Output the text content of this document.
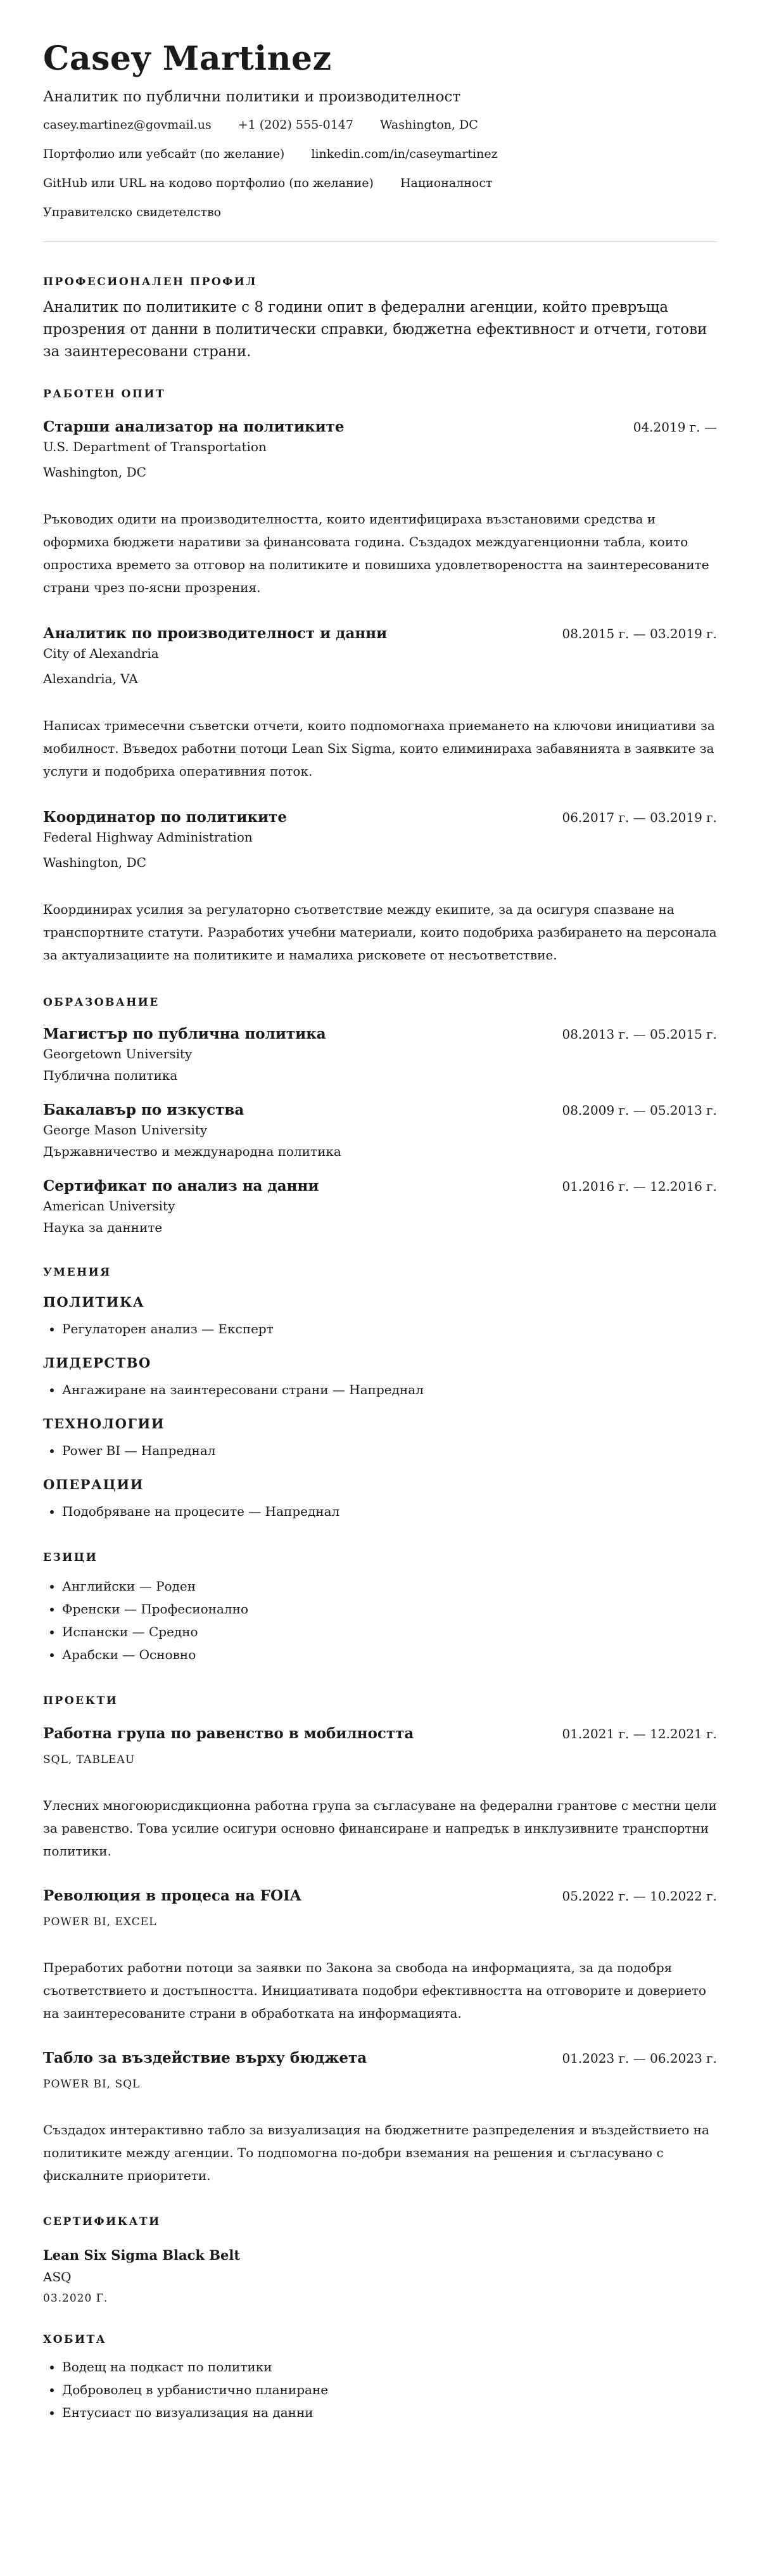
Casey Martinez
Аналитик по публични политики и производителност
casey.martinez@govmail.us +1 (202) 555-0147 Washington, DC
Портфолио или уебсайт (по желание) linkedin.com/in/caseymartinez
GitHub или URL на кодово портфолио (по желание) Националност
Управителско свидетелство
ПРОФЕСИОНАЛЕН ПРОФИЛ
Аналитик по политиките с 8 години опит в федерални агенции, който превръща прозрения от данни в политически справки, бюджетна ефективност и отчети, готови за заинтересовани страни.
РАБОТЕН ОПИТ
Старши анализатор на политиките	04.2019 г. —
U.S. Department of Transportation
Washington, DC
Ръководих одити на производителността, които идентифицираха възстановими средства и оформиха бюджети наративи за финансовата година. Създадох междуагенционни табла, които опростиха времето за отговор на политиките и повишиха удовлетвореността на заинтересованите страни чрез по-ясни прозрения.
Аналитик по производителност и данни	08.2015 г. — 03.2019 г.
City of Alexandria
Alexandria, VA
Написах тримесечни съветски отчети, които подпомогнаха приемането на ключови инициативи за мобилност. Въведох работни потоци Lean Six Sigma, които елиминираха забавянията в заявките за услуги и подобриха оперативния поток.
Координатор по политиките	06.2017 г. — 03.2019 г.
Federal Highway Administration
Washington, DC
Координирах усилия за регулаторно съответствие между екипите, за да осигуря спазване на транспортните статути. Разработих учебни материали, които подобриха разбирането на персонала за актуализациите на политиките и намалиха рисковете от несъответствие.
ОБРАЗОВАНИЕ
Магистър по публична политика	08.2013 г. — 05.2015 г.
Georgetown University
Публична политика
Бакалавър по изкуства	08.2009 г. — 05.2013 г.
George Mason University
Държавничество и международна политика
Сертификат по анализ на данни	01.2016 г. — 12.2016 г.
American University
Наука за данните
УМЕНИЯ
ПОЛИТИКА
• Регулаторен анализ — Експерт
ЛИДЕРСТВО
• Ангажиране на заинтересовани страни — Напреднал
ТЕХНОЛОГИИ
• Power BI — Напреднал
ОПЕРАЦИИ
• Подобряване на процесите — Напреднал
ЕЗИЦИ
• Английски — Роден
• Френски — Професионално
• Испански — Средно
• Арабски — Основно
ПРОЕКТИ
Работна група по равенство в мобилността	01.2021 г. — 12.2021 г.
SQL, TABLEAU
Улесних многоюрисдикционна работна група за съгласуване на федерални грантове с местни цели за равенство. Това усилие осигури основно финансиране и напредък в инклузивните транспортни политики.
Революция в процеса на FOIA	05.2022 г. — 10.2022 г.
POWER BI, EXCEL
Преработих работни потоци за заявки по Закона за свобода на информацията, за да подобря съответствието и достъпността. Инициативата подобри ефективността на отговорите и доверието на заинтересованите страни в обработката на информацията.
Табло за въздействие върху бюджета	01.2023 г. — 06.2023 г.
POWER BI, SQL
Създадох интерактивно табло за визуализация на бюджетните разпределения и въздействието на политиките между агенции. То подпомогна по-добри вземания на решения и съгласувано с фискалните приоритети.
СЕРТИФИКАТИ
Lean Six Sigma Black Belt
ASQ
03.2020 Г.
ХОБИТА
• Водещ на подкаст по политики
• Доброволец в урбанистично планиране
• Ентусиаст по визуализация на данни
